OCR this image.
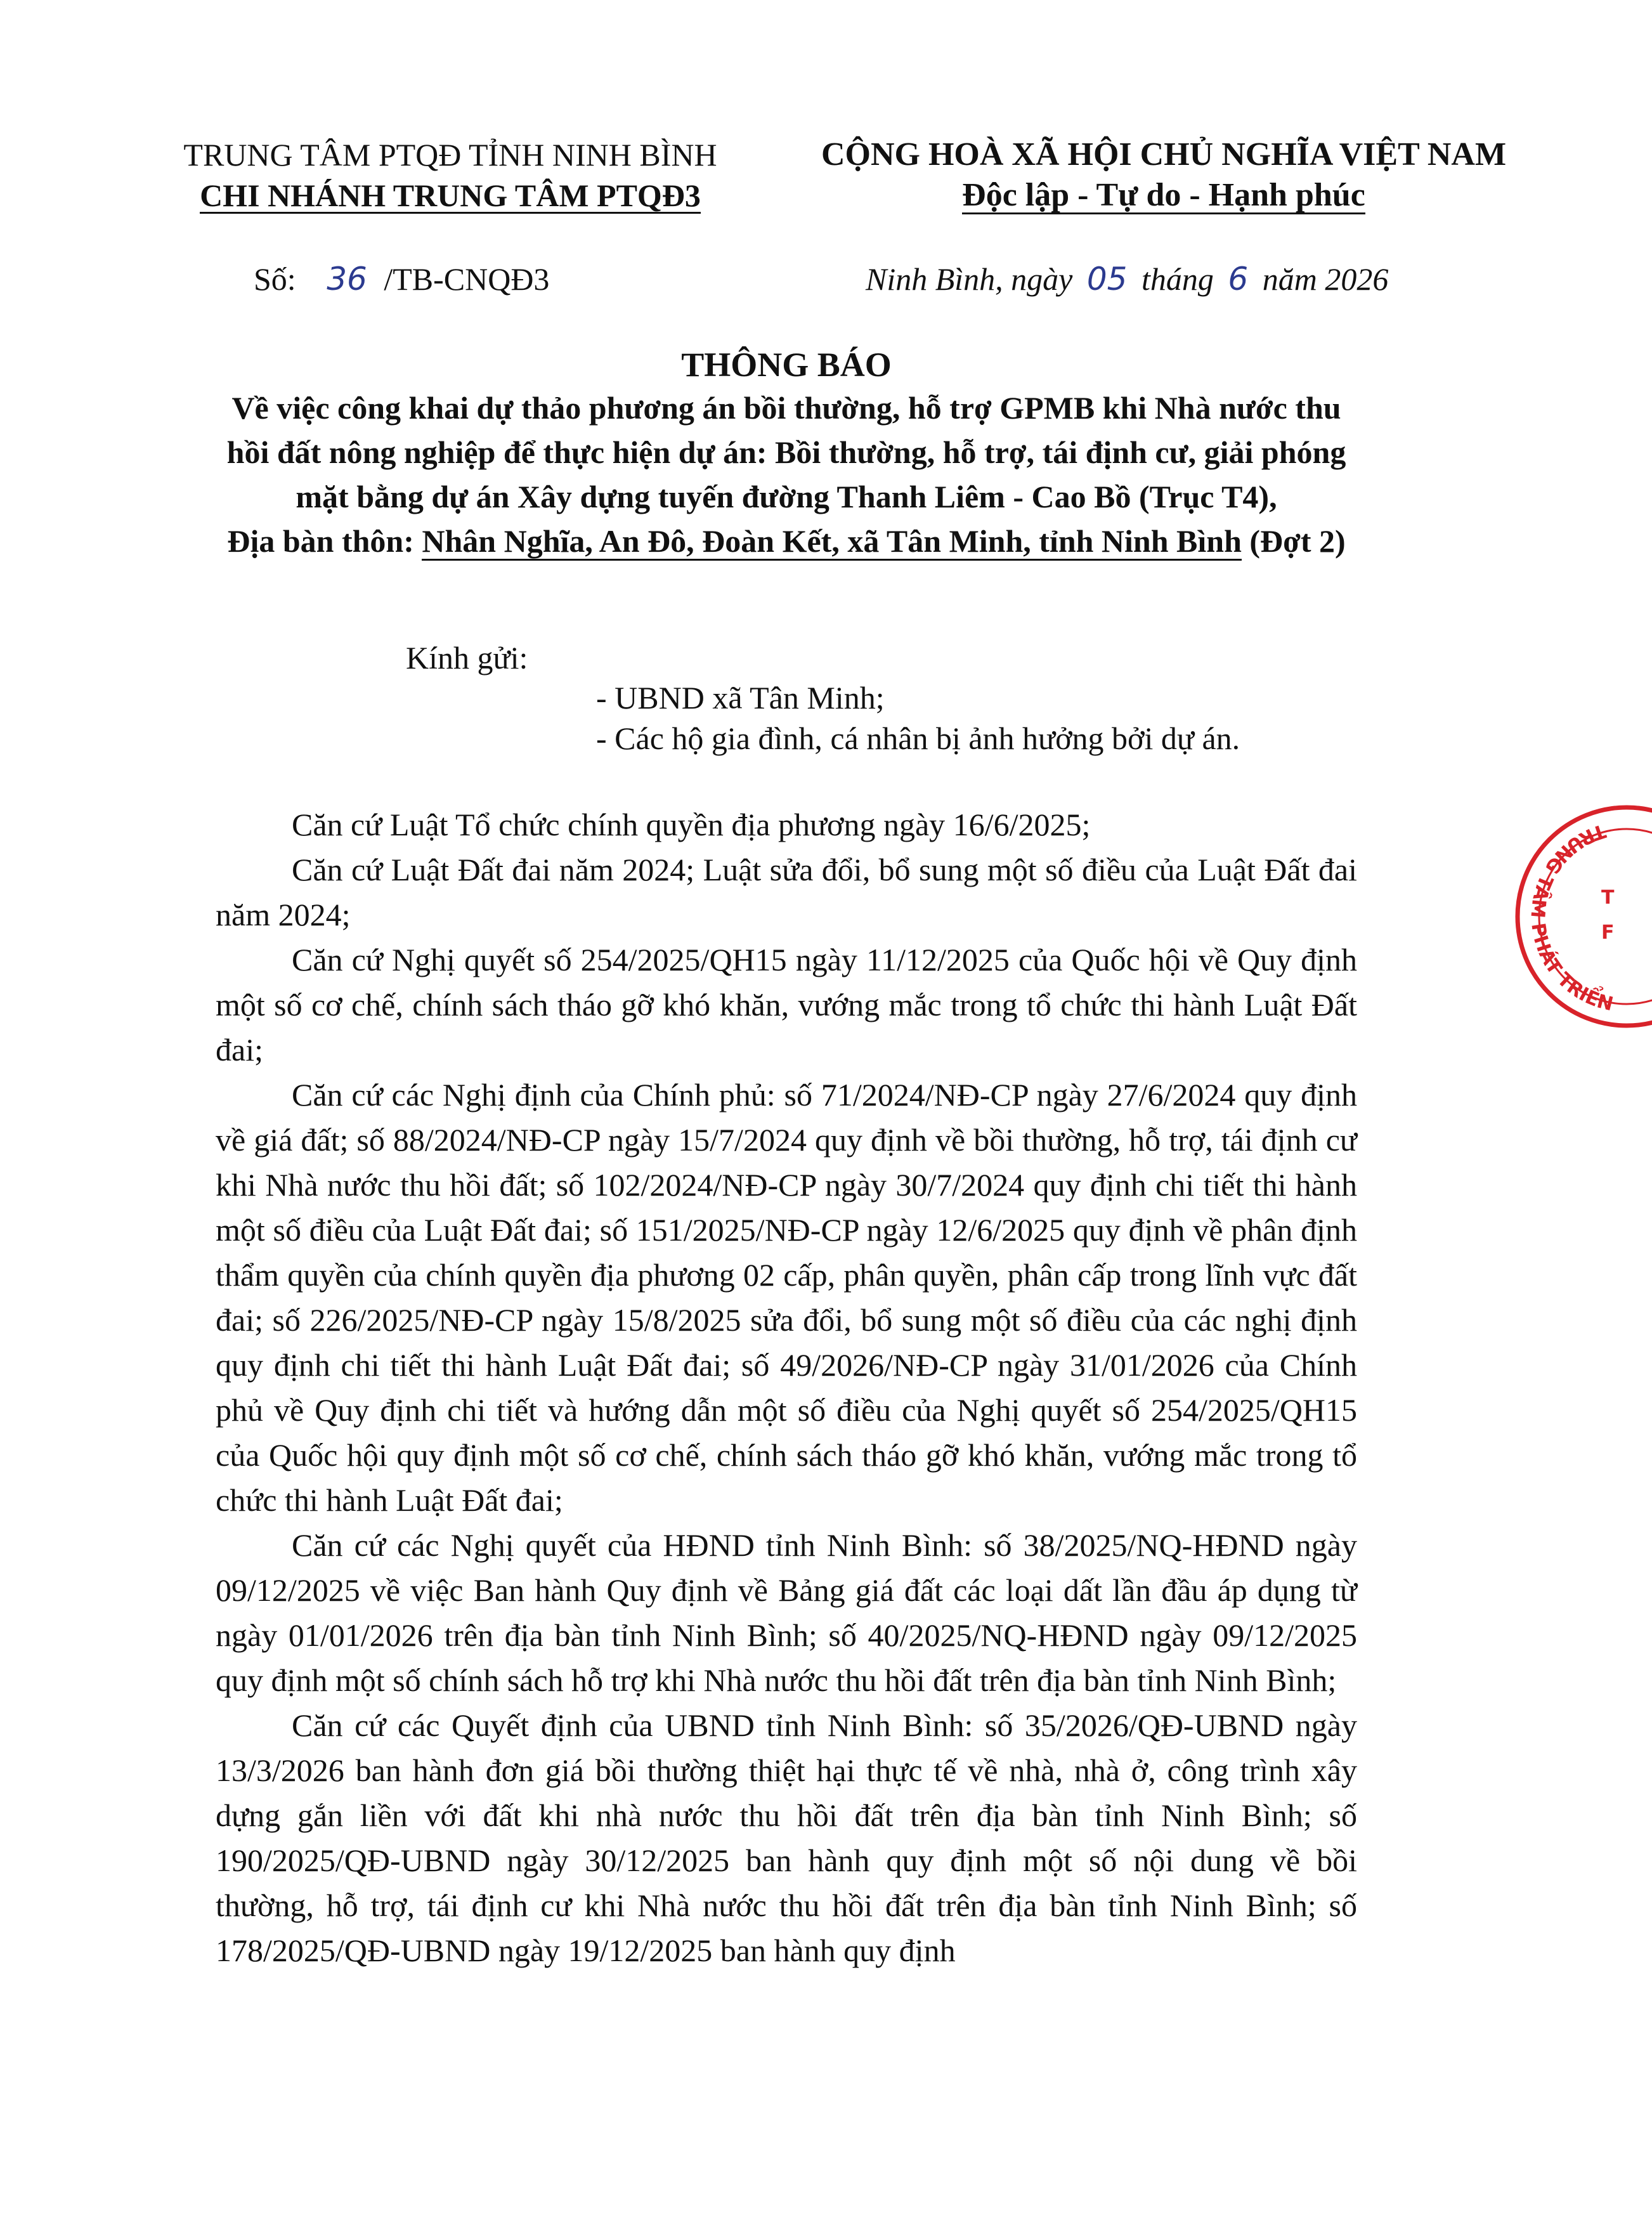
TRUNG TÂM PTQĐ TỈNH NINH BÌNH
CHI NHÁNH TRUNG TÂM PTQĐ3
CỘNG HOÀ XÃ HỘI CHỦ NGHĨA VIỆT NAM
Độc lập - Tự do - Hạnh phúc
Số: 36 /TB-CNQĐ3	Ninh Bình, ngày 05 tháng 6 năm 2026
THÔNG BÁO
Về việc công khai dự thảo phương án bồi thường, hỗ trợ GPMB khi Nhà nước thu
hồi đất nông nghiệp để thực hiện dự án: Bồi thường, hỗ trợ, tái định cư, giải phóng
mặt bằng dự án Xây dựng tuyến đường Thanh Liêm - Cao Bồ (Trục T4),
Địa bàn thôn: Nhân Nghĩa, An Đô, Đoàn Kết, xã Tân Minh, tỉnh Ninh Bình (Đợt 2)
Kính gửi:
- UBND xã Tân Minh;
- Các hộ gia đình, cá nhân bị ảnh hưởng bởi dự án.

Căn cứ Luật Tổ chức chính quyền địa phương ngày 16/6/2025;

Căn cứ Luật Đất đai năm 2024; Luật sửa đổi, bổ sung một số điều của Luật Đất đai năm 2024;

Căn cứ Nghị quyết số 254/2025/QH15 ngày 11/12/2025 của Quốc hội về Quy định một số cơ chế, chính sách tháo gỡ khó khăn, vướng mắc trong tổ chức thi hành Luật Đất đai;

Căn cứ các Nghị định của Chính phủ: số 71/2024/NĐ-CP ngày 27/6/2024 quy định về giá đất; số 88/2024/NĐ-CP ngày 15/7/2024 quy định về bồi thường, hỗ trợ, tái định cư khi Nhà nước thu hồi đất; số 102/2024/NĐ-CP ngày 30/7/2024 quy định chi tiết thi hành một số điều của Luật Đất đai; số 151/2025/NĐ-CP ngày 12/6/2025 quy định về phân định thẩm quyền của chính quyền địa phương 02 cấp, phân quyền, phân cấp trong lĩnh vực đất đai; số 226/2025/NĐ-CP ngày 15/8/2025 sửa đổi, bổ sung một số điều của các nghị định quy định chi tiết thi hành Luật Đất đai; số 49/2026/NĐ-CP ngày 31/01/2026 của Chính phủ về Quy định chi tiết và hướng dẫn một số điều của Nghị quyết số 254/2025/QH15 của Quốc hội quy định một số cơ chế, chính sách tháo gỡ khó khăn, vướng mắc trong tổ chức thi hành Luật Đất đai;

Căn cứ các Nghị quyết của HĐND tỉnh Ninh Bình: số 38/2025/NQ-HĐND ngày 09/12/2025 về việc Ban hành Quy định về Bảng giá đất các loại dất lần đầu áp dụng từ ngày 01/01/2026 trên địa bàn tỉnh Ninh Bình; số 40/2025/NQ-HĐND ngày 09/12/2025 quy định một số chính sách hỗ trợ khi Nhà nước thu hồi đất trên địa bàn tỉnh Ninh Bình;

Căn cứ các Quyết định của UBND tỉnh Ninh Bình: số 35/2026/QĐ-UBND ngày 13/3/2026 ban hành đơn giá bồi thường thiệt hại thực tế về nhà, nhà ở, công trình xây dựng gắn liền với đất khi nhà nước thu hồi đất trên địa bàn tỉnh Ninh Bình; số 190/2025/QĐ-UBND ngày 30/12/2025 ban hành quy định một số nội dung về bồi thường, hỗ trợ, tái định cư khi Nhà nước thu hồi đất trên địa bàn tỉnh Ninh Bình; số 178/2025/QĐ-UBND ngày 19/12/2025 ban hành quy định

TRUNG TÂM PHÁT TRIỂN
T
F
